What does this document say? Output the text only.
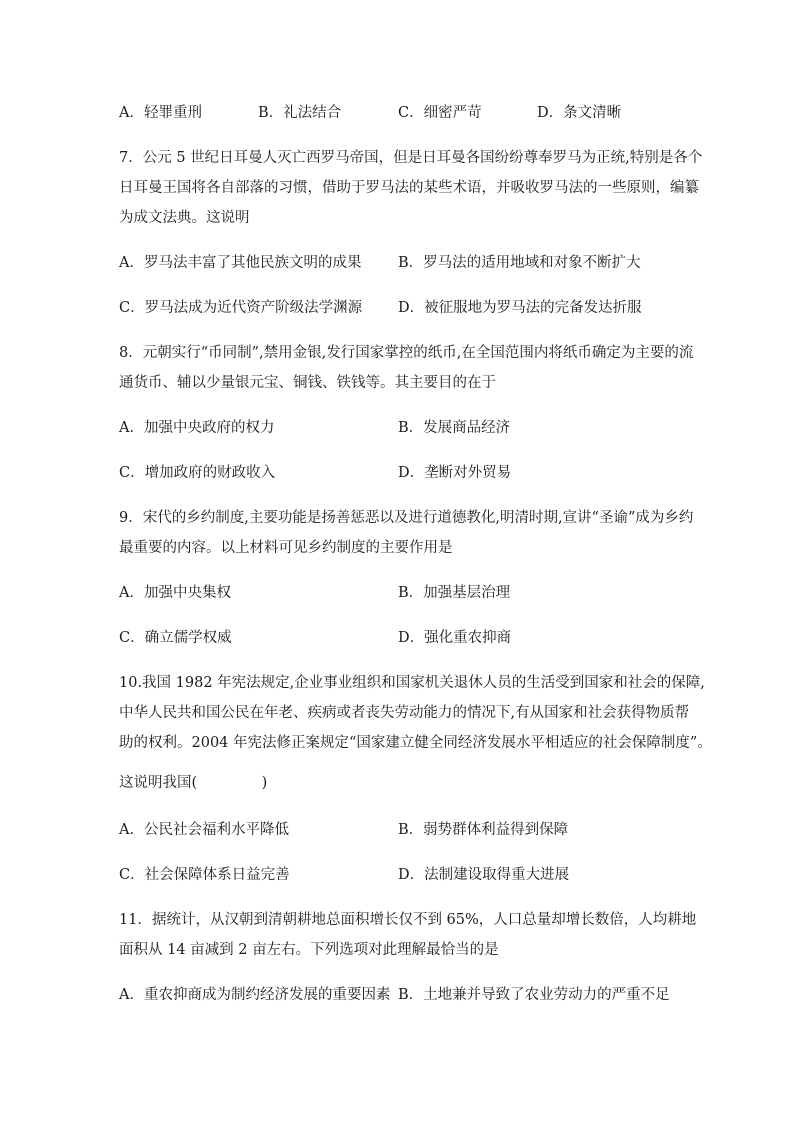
A．轻罪重刑	B．礼法结合	C．细密严苛	D．条文清晰
7．公元 5 世纪日耳曼人灭亡西罗马帝国，但是日耳曼各国纷纷尊奉罗马为正统,特别是各个
日耳曼王国将各自部落的习惯，借助于罗马法的某些术语，并吸收罗马法的一些原则，编纂
为成文法典。这说明
A．罗马法丰富了其他民族文明的成果	B．罗马法的适用地域和对象不断扩大
C．罗马法成为近代资产阶级法学渊源 D．被征服地为罗马法的完备发达折服
8．元朝实行“币同制”,禁用金银,发行国家掌控的纸币,在全国范围内将纸币确定为主要的流
通货币、辅以少量银元宝、铜钱、铁钱等。其主要目的在于
A．加强中央政府的权力	B．发展商品经济
C．增加政府的财政收入	D．垄断对外贸易
9．宋代的乡约制度,主要功能是扬善惩恶以及进行道德教化,明清时期,宣讲“圣谕”成为乡约
最重要的内容。以上材料可见乡约制度的主要作用是
A．加强中央集权	B．加强基层治理
C．确立儒学权威	D．强化重农抑商
10.我国 1982 年宪法规定,企业事业组织和国家机关退休人员的生活受到国家和社会的保障,
中华人民共和国公民在年老、疾病或者丧失劳动能力的情况下,有从国家和社会获得物质帮
助的权利。2004 年宪法修正案规定“国家建立健全同经济发展水平相适应的社会保障制度”。
这说明我国(              )
A．公民社会福利水平降低	B．弱势群体利益得到保障
C．社会保障体系日益完善	D．法制建设取得重大进展
11．据统计，从汉朝到清朝耕地总面积增长仅不到 65%，人口总量却增长数倍，人均耕地
面积从 14 亩减到 2 亩左右。下列选项对此理解最恰当的是
A．重农抑商成为制约经济发展的重要因素 B．土地兼并导致了农业劳动力的严重不足
